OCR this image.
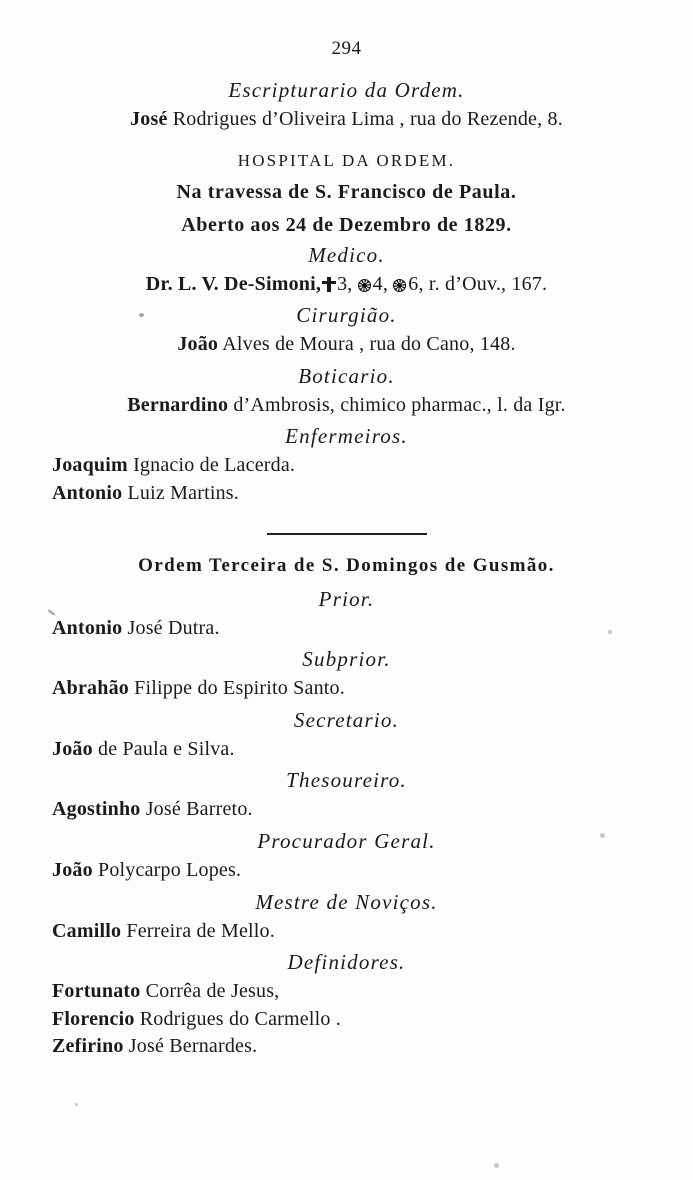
294
Escripturario da Ordem.
José Rodrigues d’Oliveira Lima , rua do Rezende, 8.
HOSPITAL DA ORDEM.
Na travessa de S. Francisco de Paula.
Aberto aos 24 de Dezembro de 1829.
Medico.
Dr. L. V. De-Simoni, 3, 4, 6, r. d’Ouv., 167.
Cirurgião.
João Alves de Moura , rua do Cano, 148.
Boticario.
Bernardino d’Ambrosis, chimico pharmac., l. da Igr.
Enfermeiros.
Joaquim Ignacio de Lacerda.
Antonio Luiz Martins.
Ordem Terceira de S. Domingos de Gusmão.
Prior.
Antonio José Dutra.
Subprior.
Abrahão Filippe do Espirito Santo.
Secretario.
João de Paula e Silva.
Thesoureiro.
Agostinho José Barreto.
Procurador Geral.
João Polycarpo Lopes.
Mestre de Noviços.
Camillo Ferreira de Mello.
Definidores.
Fortunato Corrêa de Jesus,
Florencio Rodrigues do Carmello .
Zefirino José Bernardes.
